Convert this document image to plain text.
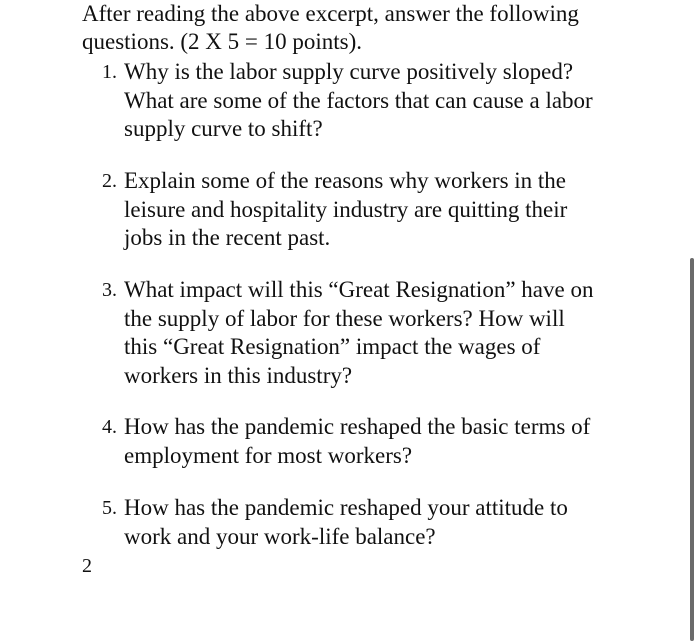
After reading the above excerpt, answer the following
questions. (2 X 5 = 10 points).
1. Why is the labor supply curve positively sloped?
What are some of the factors that can cause a labor
supply curve to shift?
2. Explain some of the reasons why workers in the
leisure and hospitality industry are quitting their
jobs in the recent past.
3. What impact will this “Great Resignation” have on
the supply of labor for these workers? How will
this “Great Resignation” impact the wages of
workers in this industry?
4. How has the pandemic reshaped the basic terms of
employment for most workers?
5. How has the pandemic reshaped your attitude to
work and your work-life balance?
2
